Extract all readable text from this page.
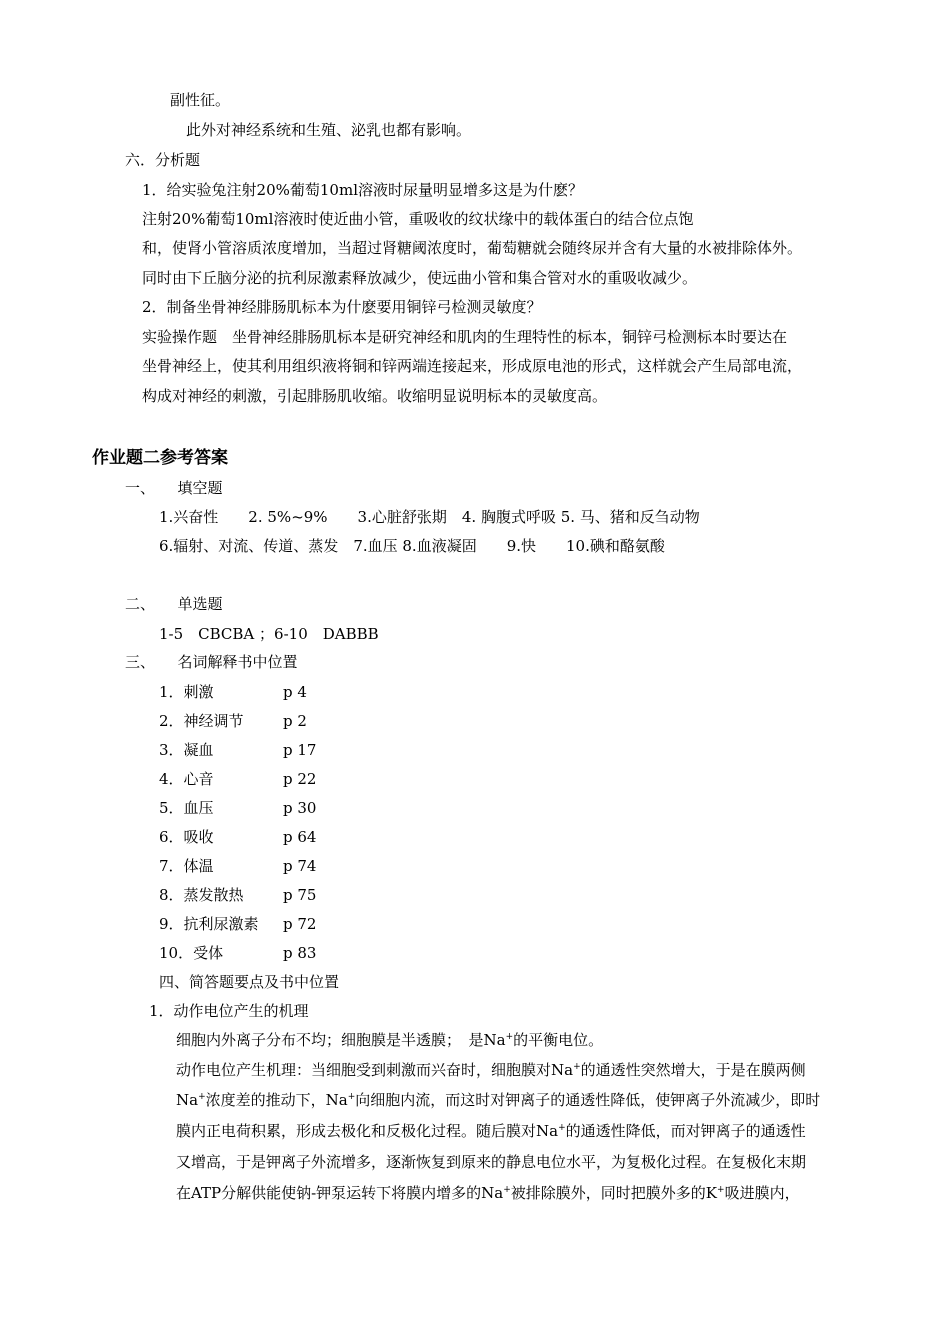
副性征。
此外对神经系统和生殖、泌乳也都有影响。
六．分析题
1．给实验兔注射20%葡萄10ml溶液时尿量明显增多这是为什麽？
注射20%葡萄10ml溶液时使近曲小管，重吸收的纹状缘中的载体蛋白的结合位点饱
和，使肾小管溶质浓度增加，当超过肾糖阈浓度时，葡萄糖就会随终尿并含有大量的水被排除体外。
同时由下丘脑分泌的抗利尿激素释放减少，使远曲小管和集合管对水的重吸收减少。
2．制备坐骨神经腓肠肌标本为什麽要用铜锌弓检测灵敏度？
实验操作题　坐骨神经腓肠肌标本是研究神经和肌肉的生理特性的标本，铜锌弓检测标本时要达在
坐骨神经上，使其利用组织液将铜和锌两端连接起来，形成原电池的形式，这样就会产生局部电流，
构成对神经的刺激，引起腓肠肌收缩。收缩明显说明标本的灵敏度高。
作业题二参考答案
一、　　填空题
1.兴奋性　　2. 5%~9%　　3.心脏舒张期　4. 胸腹式呼吸 5. 马、猪和反刍动物
6.辐射、对流、传道、蒸发　7.血压 8.血液凝固　　9.快　　10.碘和酪氨酸
二、　　单选题
1-5　CBCBA ；6-10　DABBB
三、　　名词解释书中位置
1．刺激	p 4
2．神经调节	p 2
3．凝血	p 17
4．心音	p 22
5．血压	p 30
6．吸收	p 64
7．体温	p 74
8．蒸发散热	p 75
9．抗利尿激素 p 72
10．受体	p 83
四、简答题要点及书中位置
1．动作电位产生的机理
细胞内外离子分布不均；细胞膜是半透膜；　是Na+的平衡电位。
动作电位产生机理：当细胞受到刺激而兴奋时，细胞膜对Na+的通透性突然增大，于是在膜两侧
Na+浓度差的推动下，Na+向细胞内流，而这时对钾离子的通透性降低，使钾离子外流减少，即时
膜内正电荷积累，形成去极化和反极化过程。随后膜对Na+的通透性降低，而对钾离子的通透性
又增高，于是钾离子外流增多，逐渐恢复到原来的静息电位水平，为复极化过程。在复极化末期
在ATP分解供能使钠-钾泵运转下将膜内增多的Na+被排除膜外，同时把膜外多的K+吸进膜内，
